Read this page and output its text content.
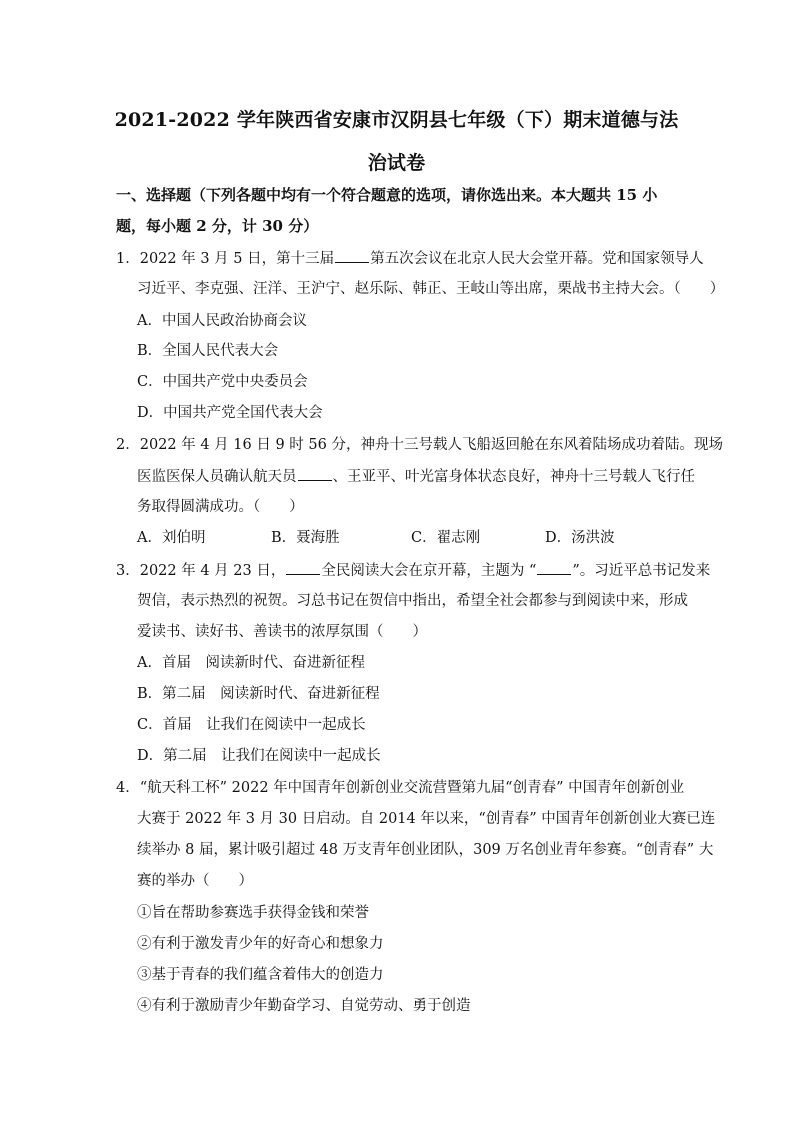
2021-2022 学年陕西省安康市汉阴县七年级（下）期末道德与法
治试卷
一、选择题（下列各题中均有一个符合题意的选项，请你选出来。本大题共 15 小题，每小题 2 分，计 30 分）
1．2022 年 3 月 5 日，第十三届 第五次会议在北京人民大会堂开幕。党和国家领导人
习近平、李克强、汪洋、王沪宁、赵乐际、韩正、王岐山等出席，栗战书主持大会。（　　）
A．中国人民政治协商会议
B．全国人民代表大会
C．中国共产党中央委员会
D．中国共产党全国代表大会
2．2022 年 4 月 16 日 9 时 56 分，神舟十三号载人飞船返回舱在东风着陆场成功着陆。现场
医监医保人员确认航天员 、王亚平、叶光富身体状态良好，神舟十三号载人飞行任
务取得圆满成功。（　　）
A．刘伯明	B．聂海胜	C．翟志刚	D．汤洪波
3．2022 年 4 月 23 日， 全民阅读大会在京开幕，主题为 “ ”。习近平总书记发来
贺信，表示热烈的祝贺。习总书记在贺信中指出，希望全社会都参与到阅读中来，形成
爱读书、读好书、善读书的浓厚氛围（　　）
A．首届　阅读新时代、奋进新征程
B．第二届　阅读新时代、奋进新征程
C．首届　让我们在阅读中一起成长
D．第二届　让我们在阅读中一起成长
4．“航天科工杯” 2022 年中国青年创新创业交流营暨第九届“创青春” 中国青年创新创业
大赛于 2022 年 3 月 30 日启动。自 2014 年以来，“创青春” 中国青年创新创业大赛已连
续举办 8 届，累计吸引超过 48 万支青年创业团队，309 万名创业青年参赛。“创青春” 大
赛的举办（　　）
①旨在帮助参赛选手获得金钱和荣誉
②有利于激发青少年的好奇心和想象力
③基于青春的我们蕴含着伟大的创造力
④有利于激励青少年勤奋学习、自觉劳动、勇于创造
